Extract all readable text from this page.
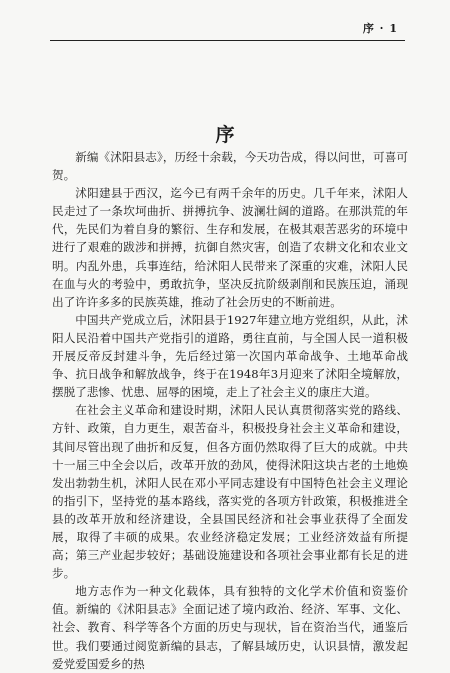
序 · 1
序

新编《沭阳县志》，历经十余载，今天功告成，得以问世，可喜可贺。

沭阳建县于西汉，迄今已有两千余年的历史。几千年来，沭阳人民走过了一条坎坷曲折、拼搏抗争、波澜壮阔的道路。在那洪荒的年代，先民们为着自身的繁衍、生存和发展，在极其艰苦恶劣的环境中进行了艰难的跋涉和拼搏，抗御自然灾害，创造了农耕文化和农业文明。内乱外患，兵事连结，给沭阳人民带来了深重的灾难，沭阳人民在血与火的考验中，勇敢抗争，坚决反抗阶级剥削和民族压迫，涌现出了许许多多的民族英雄，推动了社会历史的不断前进。

中国共产党成立后，沭阳县于1927年建立地方党组织，从此，沭阳人民沿着中国共产党指引的道路，勇往直前，与全国人民一道积极开展反帝反封建斗争，先后经过第一次国内革命战争、土地革命战争、抗日战争和解放战争，终于在1948年3月迎来了沭阳全境解放，摆脱了悲惨、忧患、屈辱的困境，走上了社会主义的康庄大道。

在社会主义革命和建设时期，沭阳人民认真贯彻落实党的路线、方针、政策，自力更生，艰苦奋斗，积极投身社会主义革命和建设，其间尽管出现了曲折和反复，但各方面仍然取得了巨大的成就。中共十一届三中全会以后，改革开放的劲风，使得沭阳这块古老的土地焕发出勃勃生机，沭阳人民在邓小平同志建设有中国特色社会主义理论的指引下，坚持党的基本路线，落实党的各项方针政策，积极推进全县的改革开放和经济建设，全县国民经济和社会事业获得了全面发展，取得了丰硕的成果。农业经济稳定发展；工业经济效益有所提高；第三产业起步较好；基础设施建设和各项社会事业都有长足的进步。

地方志作为一种文化载体，具有独特的文化学术价值和资鉴价值。新编的《沭阳县志》全面记述了境内政治、经济、军事、文化、社会、教育、科学等各个方面的历史与现状，旨在资治当代，通鉴后世。我们要通过阅览新编的县志，了解县域历史，认识县情，激发起爱党爱国爱乡的热
